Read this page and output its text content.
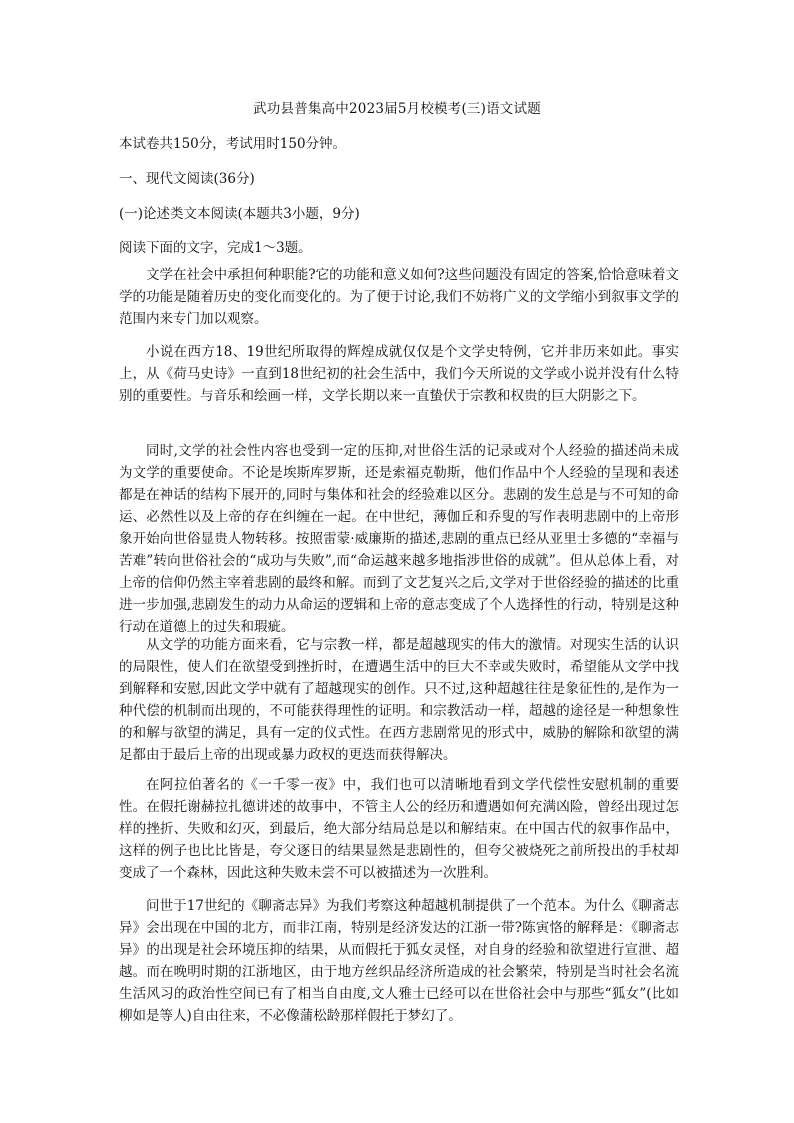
武功县普集高中2023届5月校模考(三)语文试题
本试卷共150分，考试用时150分钟。
一、现代文阅读(36分)
(一)论述类文本阅读(本题共3小题，9分)
阅读下面的文字，完成1～3题。

文学在社会中承担何种职能?它的功能和意义如何?这些问题没有固定的答案,恰恰意味着文学的功能是随着历史的变化而变化的。为了便于讨论,我们不妨将广义的文学缩小到叙事文学的范围内来专门加以观察。

小说在西方18、19世纪所取得的辉煌成就仅仅是个文学史特例，它并非历来如此。事实上，从《荷马史诗》一直到18世纪初的社会生活中，我们今天所说的文学或小说并没有什么特别的重要性。与音乐和绘画一样，文学长期以来一直蛰伏于宗教和权贵的巨大阴影之下。

同时,文学的社会性内容也受到一定的压抑,对世俗生活的记录或对个人经验的描述尚未成为文学的重要使命。不论是埃斯库罗斯，还是索福克勒斯，他们作品中个人经验的呈现和表述都是在神话的结构下展开的,同时与集体和社会的经验难以区分。悲剧的发生总是与不可知的命运、必然性以及上帝的存在纠缠在一起。在中世纪，薄伽丘和乔叟的写作表明悲剧中的上帝形象开始向世俗显贵人物转移。按照雷蒙·威廉斯的描述,悲剧的重点已经从亚里士多德的“幸福与苦难”转向世俗社会的“成功与失败”,而“命运越来越多地指涉世俗的成就”。但从总体上看，对上帝的信仰仍然主宰着悲剧的最终和解。而到了文艺复兴之后,文学对于世俗经验的描述的比重进一步加强,悲剧发生的动力从命运的逻辑和上帝的意志变成了个人选择性的行动，特别是这种行动在道德上的过失和瑕疵。

从文学的功能方面来看，它与宗教一样，都是超越现实的伟大的激情。对现实生活的认识的局限性，使人们在欲望受到挫折时，在遭遇生活中的巨大不幸或失败时，希望能从文学中找到解释和安慰,因此文学中就有了超越现实的创作。只不过,这种超越往往是象征性的,是作为一种代偿的机制而出现的，不可能获得理性的证明。和宗教活动一样，超越的途径是一种想象性的和解与欲望的满足，具有一定的仪式性。在西方悲剧常见的形式中，威胁的解除和欲望的满足都由于最后上帝的出现或暴力政权的更迭而获得解决。

在阿拉伯著名的《一千零一夜》中，我们也可以清晰地看到文学代偿性安慰机制的重要性。在假托谢赫拉扎德讲述的故事中，不管主人公的经历和遭遇如何充满凶险，曾经出现过怎样的挫折、失败和幻灭，到最后，绝大部分结局总是以和解结束。在中国古代的叙事作品中，这样的例子也比比皆是，夸父逐日的结果显然是悲剧性的，但夸父被烧死之前所投出的手杖却变成了一个森林，因此这种失败未尝不可以被描述为一次胜利。

问世于17世纪的《聊斋志异》为我们考察这种超越机制提供了一个范本。为什么《聊斋志异》会出现在中国的北方，而非江南，特别是经济发达的江浙一带?陈寅恪的解释是：《聊斋志异》的出现是社会环境压抑的结果，从而假托于狐女灵怪，对自身的经验和欲望进行宣泄、超越。而在晚明时期的江浙地区，由于地方丝织品经济所造成的社会繁荣，特别是当时社会名流生活风习的政治性空间已有了相当自由度,文人雅士已经可以在世俗社会中与那些“狐女”(比如柳如是等人)自由往来，不必像蒲松龄那样假托于梦幻了。
